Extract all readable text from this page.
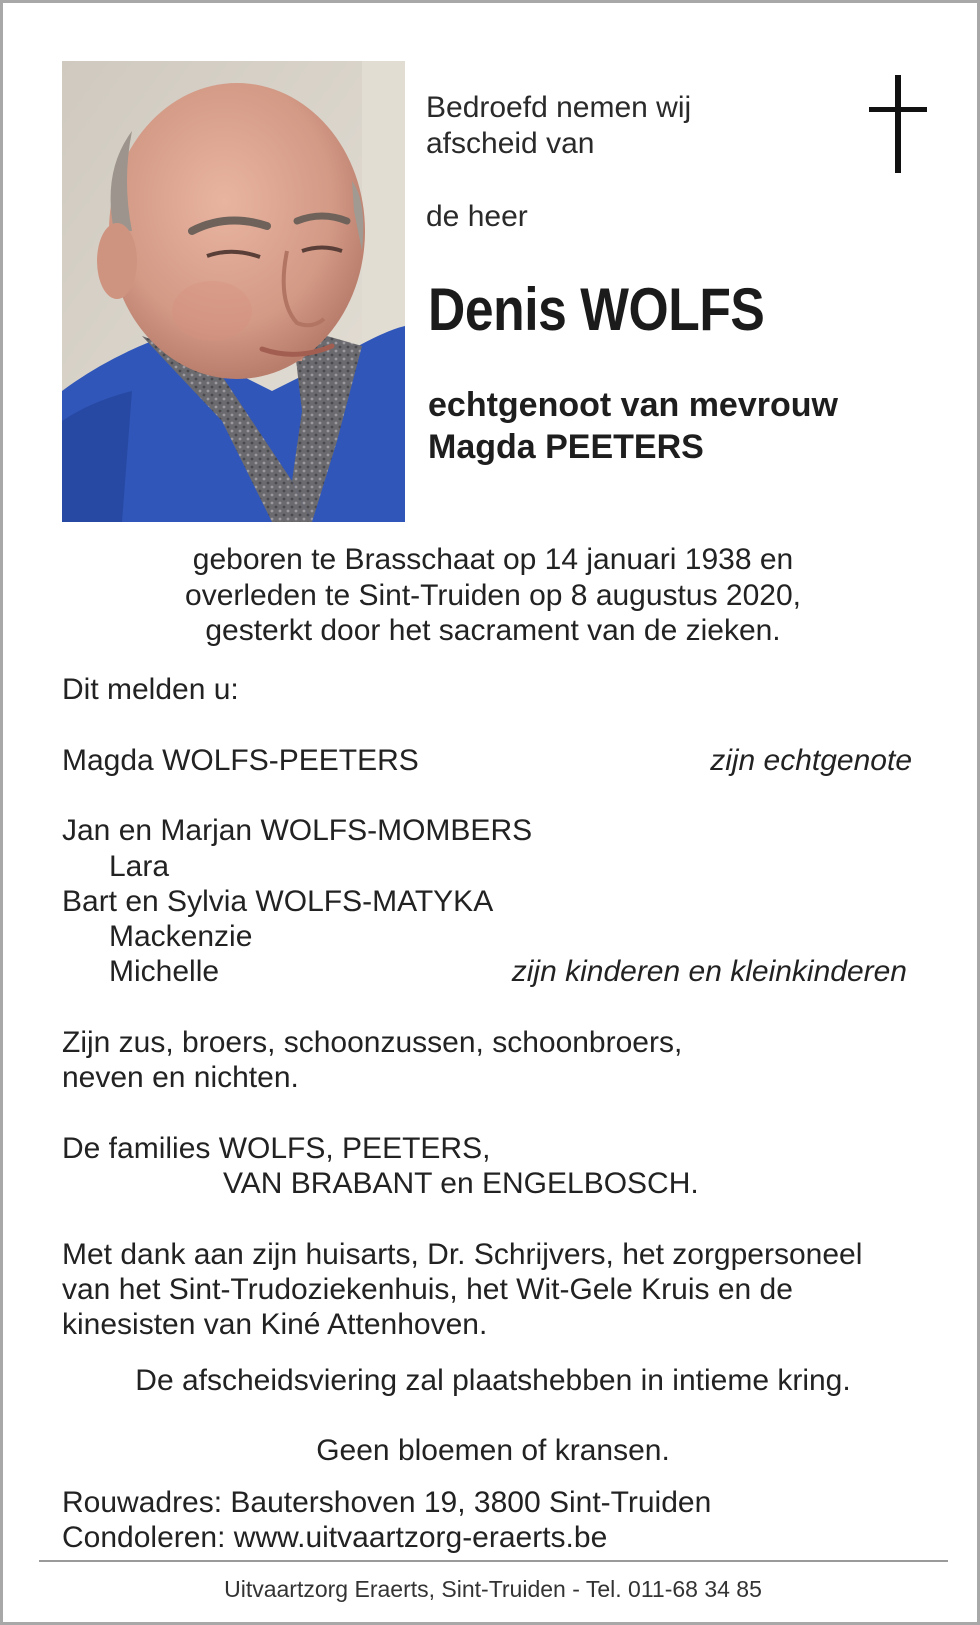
Bedroefd nemen wij
afscheid van
de heer
Denis WOLFS
echtgenoot van mevrouw
Magda PEETERS
geboren te Brasschaat op 14 januari 1938 en
overleden te Sint-Truiden op 8 augustus 2020,
gesterkt door het sacrament van de zieken.
Dit melden u:
Magda WOLFS-PEETERS	zijn echtgenote
Jan en Marjan WOLFS-MOMBERS
Lara
Bart en Sylvia WOLFS-MATYKA
Mackenzie
Michelle	zijn kinderen en kleinkinderen
Zijn zus, broers, schoonzussen, schoonbroers,
neven en nichten.
De families WOLFS, PEETERS,
VAN BRABANT en ENGELBOSCH.
Met dank aan zijn huisarts, Dr. Schrijvers, het zorgpersoneel
van het Sint-Trudoziekenhuis, het Wit-Gele Kruis en de
kinesisten van Kiné Attenhoven.
De afscheidsviering zal plaatshebben in intieme kring.
Geen bloemen of kransen.
Rouwadres: Bautershoven 19, 3800 Sint-Truiden
Condoleren: www.uitvaartzorg-eraerts.be
Uitvaartzorg Eraerts, Sint-Truiden - Tel. 011-68 34 85
